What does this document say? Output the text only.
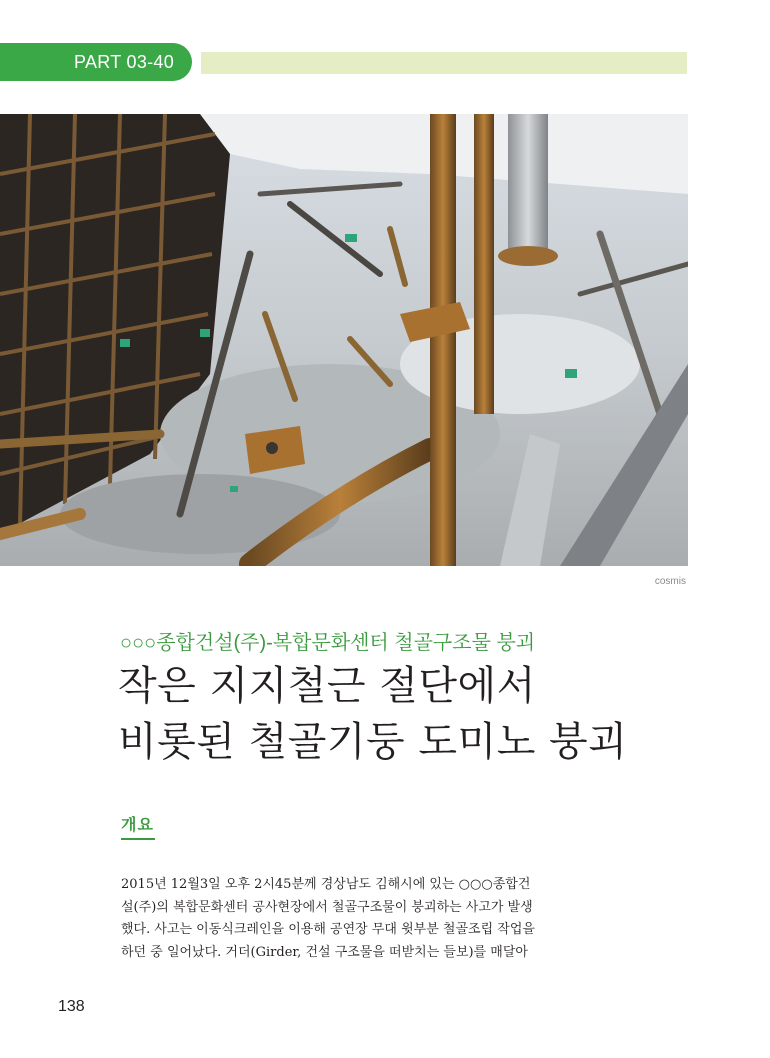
PART 03-40
cosmis
○○○종합건설(주)-복합문화센터 철골구조물 붕괴
작은 지지철근 절단에서
비롯된 철골기둥 도미노 붕괴
개요
2015년 12월3일 오후 2시45분께 경상남도 김해시에 있는 ○○○종합건
설(주)의 복합문화센터 공사현장에서 철골구조물이 붕괴하는 사고가 발생
했다. 사고는 이동식크레인을 이용해 공연장 무대 윗부분 철골조립 작업을
하던 중 일어났다. 거더(Girder, 건설 구조물을 떠받치는 들보)를 매달아
138
